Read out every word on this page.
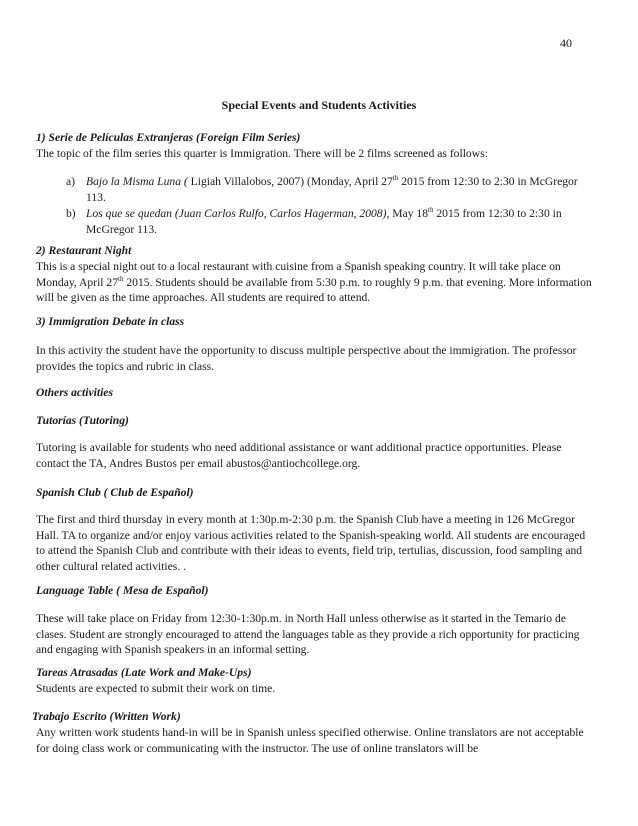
40
Special Events and Students Activities
1) Serie de Películas Extranjeras (Foreign Film Series)
The topic of the film series this quarter is Immigration. There will be 2 films screened as follows:
a) Bajo la Misma Luna ( Ligiah Villalobos, 2007) (Monday, April 27th 2015 from 12:30 to 2:30 in McGregor 113.
b) Los que se quedan (Juan Carlos Rulfo, Carlos Hagerman, 2008), May 18th 2015 from 12:30 to 2:30 in McGregor 113.
2) Restaurant Night
This is a special night out to a local restaurant with cuisine from a Spanish speaking country. It will take place on Monday, April 27th 2015. Students should be available from 5:30 p.m. to roughly 9 p.m. that evening. More information will be given as the time approaches. All students are required to attend.
3) Immigration Debate in class
In this activity the student have the opportunity to discuss multiple perspective about the immigration. The professor provides the topics and rubric in class.
Others activities
Tutorías (Tutoring)
Tutoring is available for students who need additional assistance or want additional practice opportunities. Please contact the TA, Andres Bustos per email abustos@antiochcollege.org.
Spanish Club ( Club de Español)
The first and third thursday in every month at 1:30p.m-2:30 p.m. the Spanish Club have a meeting in 126 McGregor Hall. TA to organize and/or enjoy various activities related to the Spanish-speaking world. All students are encouraged to attend the Spanish Club and contribute with their ideas to events, field trip, tertulias, discussion, food sampling and other cultural related activities. .
Language Table ( Mesa de Español)
These will take place on Friday from 12:30-1:30p.m. in North Hall unless otherwise as it started in the Temario de clases. Student are strongly encouraged to attend the languages table as they provide a rich opportunity for practicing and engaging with Spanish speakers in an informal setting.
Tareas Atrasadas (Late Work and Make-Ups)
Students are expected to submit their work on time.
Trabajo Escrito (Written Work)
Any written work students hand-in will be in Spanish unless specified otherwise. Online translators are not acceptable for doing class work or communicating with the instructor. The use of online translators will be
